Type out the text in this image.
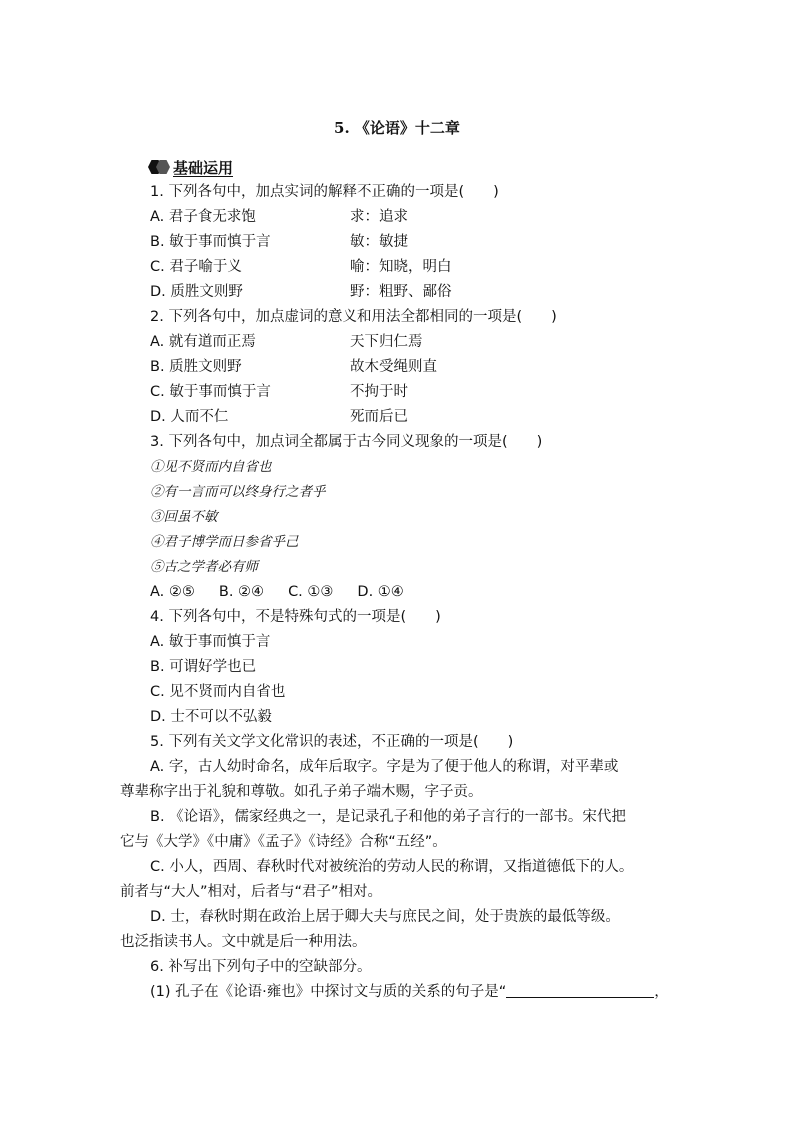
5. 《论语》十二章
基础运用
1. 下列各句中，加点实词的解释不正确的一项是(　　)
A. 君子食无求饱	求：追求
B. 敏于事而慎于言	敏：敏捷
C. 君子喻于义	喻：知晓，明白
D. 质胜文则野	野：粗野、鄙俗
2. 下列各句中，加点虚词的意义和用法全都相同的一项是(　　)
A. 就有道而正焉	天下归仁焉
B. 质胜文则野	故木受绳则直
C. 敏于事而慎于言	不拘于时
D. 人而不仁	死而后已
3. 下列各句中，加点词全都属于古今同义现象的一项是(　　)
①见不贤而内自省也
②有一言而可以终身行之者乎
③回虽不敏
④君子博学而日参省乎己
⑤古之学者必有师
A. ②⑤ B. ②④ C. ①③ D. ①④
4. 下列各句中，不是特殊句式的一项是(　　)
A. 敏于事而慎于言
B. 可谓好学也已
C. 见不贤而内自省也
D. 士不可以不弘毅
5. 下列有关文学文化常识的表述，不正确的一项是(　　)
A. 字，古人幼时命名，成年后取字。字是为了便于他人的称谓，对平辈或
尊辈称字出于礼貌和尊敬。如孔子弟子端木赐，字子贡。
B. 《论语》，儒家经典之一，是记录孔子和他的弟子言行的一部书。宋代把
它与《大学》《中庸》《孟子》《诗经》合称“五经”。
C. 小人，西周、春秋时代对被统治的劳动人民的称谓，又指道德低下的人。
前者与“大人”相对，后者与“君子”相对。
D. 士，春秋时期在政治上居于卿大夫与庶民之间，处于贵族的最低等级。
也泛指读书人。文中就是后一种用法。
6. 补写出下列句子中的空缺部分。
(1) 孔子在《论语·雍也》中探讨文与质的关系的句子是“	，
